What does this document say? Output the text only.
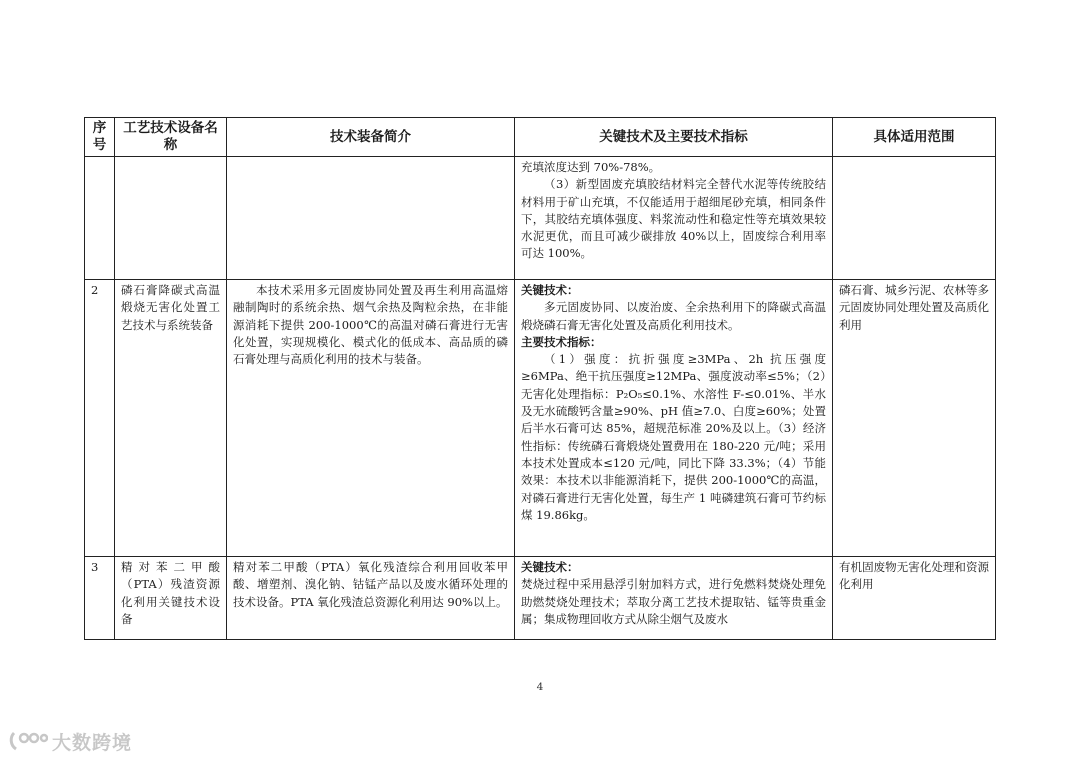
序号	工艺技术设备名称	技术装备简介	关键技术及主要技术指标	具体适用范围

			充填浓度达到 70%-78%。
（3）新型固废充填胶结材料完全替代水泥等传统胶结材料用于矿山充填，不仅能适用于超细尾砂充填，相同条件下，其胶结充填体强度、料浆流动性和稳定性等充填效果较水泥更优，而且可减少碳排放 40%以上，固废综合利用率可达 100%。	

2	磷石膏降碳式高温煅烧无害化处置工艺技术与系统装备	本技术采用多元固废协同处置及再生利用高温熔融制陶时的系统余热、烟气余热及陶粒余热，在非能源消耗下提供 200-1000℃的高温对磷石膏进行无害化处置，实现规模化、模式化的低成本、高品质的磷石膏处理与高质化利用的技术与装备。	关键技术：
多元固废协同、以废治废、全余热利用下的降碳式高温煅烧磷石膏无害化处置及高质化利用技术。
主要技术指标：
（1）强度：抗折强度≥3MPa、2h 抗压强度≥6MPa、绝干抗压强度≥12MPa、强度波动率≤5%；（2）无害化处理指标：P₂O₅≤0.1%、水溶性 F-≤0.01%、半水及无水硫酸钙含量≥90%、pH 值≥7.0、白度≥60%；处置后半水石膏可达 85%，超规范标准 20%及以上。（3）经济性指标：传统磷石膏煅烧处置费用在 180-220 元/吨；采用本技术处置成本≤120 元/吨，同比下降 33.3%；（4）节能效果：本技术以非能源消耗下，提供 200-1000℃的高温，对磷石膏进行无害化处置，每生产 1 吨磷建筑石膏可节约标煤 19.86kg。	磷石膏、城乡污泥、农林等多元固废协同处理处置及高质化利用
3	精对苯二甲酸（PTA）残渣资源化利用关键技术设备	精对苯二甲酸（PTA）氧化残渣综合利用回收苯甲酸、增塑剂、溴化钠、钴锰产品以及废水循环处理的技术设备。PTA 氧化残渣总资源化利用达 90%以上。	关键技术：
焚烧过程中采用悬浮引射加料方式，进行免燃料焚烧处理免助燃焚烧处理技术；萃取分离工艺技术提取钴、锰等贵重金属；集成物理回收方式从除尘烟气及废水	有机固废物无害化处理和资源化利用
4
大数跨境
